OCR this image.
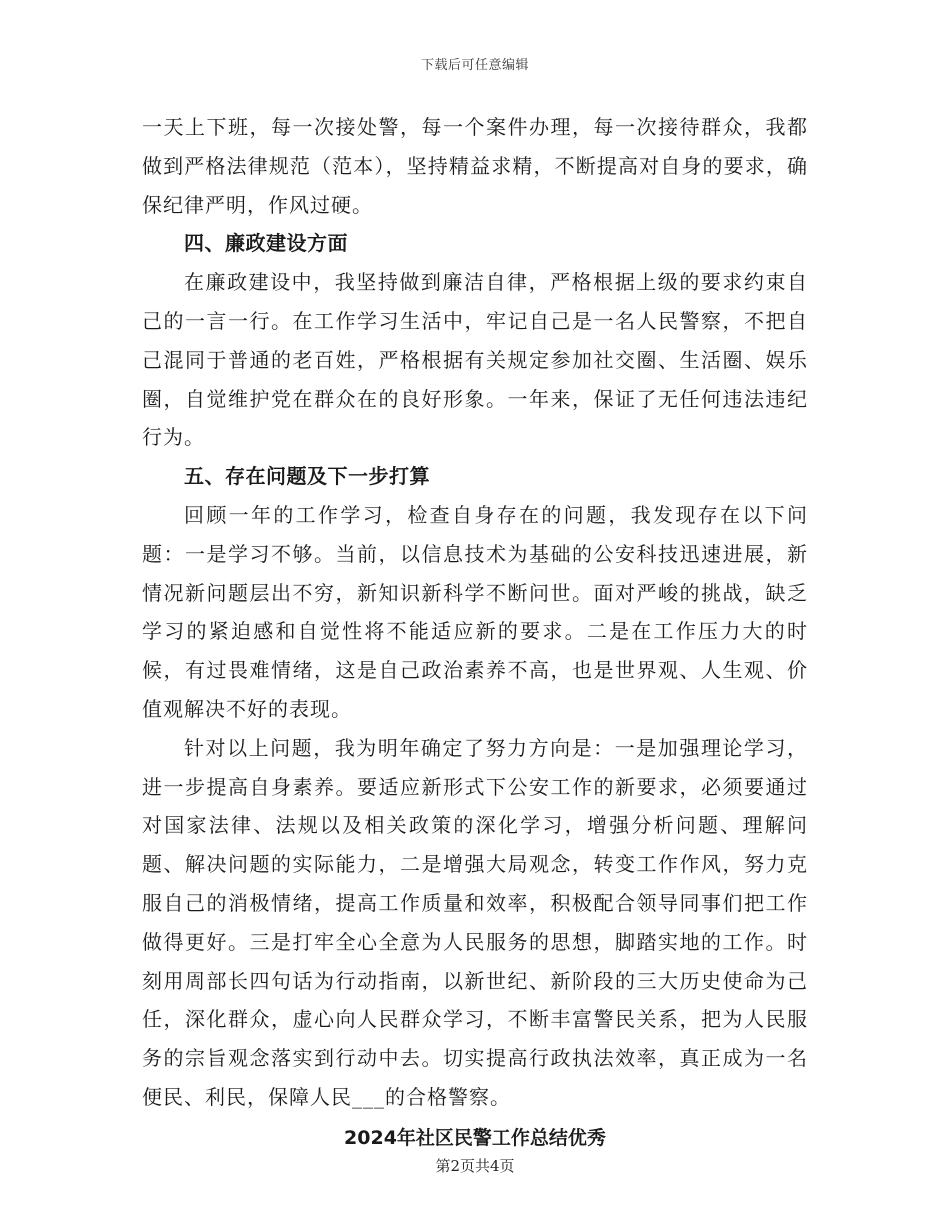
下载后可任意编辑

一天上下班，每一次接处警，每一个案件办理，每一次接待群众，我都做到严格法律规范（范本），坚持精益求精，不断提高对自身的要求，确保纪律严明，作风过硬。

四、廉政建设方面

在廉政建设中，我坚持做到廉洁自律，严格根据上级的要求约束自己的一言一行。在工作学习生活中，牢记自己是一名人民警察，不把自己混同于普通的老百姓，严格根据有关规定参加社交圈、生活圈、娱乐圈，自觉维护党在群众在的良好形象。一年来，保证了无任何违法违纪行为。

五、存在问题及下一步打算

回顾一年的工作学习，检查自身存在的问题，我发现存在以下问题：一是学习不够。当前，以信息技术为基础的公安科技迅速进展，新情况新问题层出不穷，新知识新科学不断问世。面对严峻的挑战，缺乏学习的紧迫感和自觉性将不能适应新的要求。二是在工作压力大的时候，有过畏难情绪，这是自己政治素养不高，也是世界观、人生观、价值观解决不好的表现。

针对以上问题，我为明年确定了努力方向是：一是加强理论学习，进一步提高自身素养。要适应新形式下公安工作的新要求，必须要通过对国家法律、法规以及相关政策的深化学习，增强分析问题、理解问题、解决问题的实际能力，二是增强大局观念，转变工作作风，努力克服自己的消极情绪，提高工作质量和效率，积极配合领导同事们把工作做得更好。三是打牢全心全意为人民服务的思想，脚踏实地的工作。时刻用周部长四句话为行动指南，以新世纪、新阶段的三大历史使命为己任，深化群众，虚心向人民群众学习，不断丰富警民关系，把为人民服务的宗旨观念落实到行动中去。切实提高行政执法效率，真正成为一名便民、利民，保障人民___的合格警察。

2024年社区民警工作总结优秀

第2页共4页
